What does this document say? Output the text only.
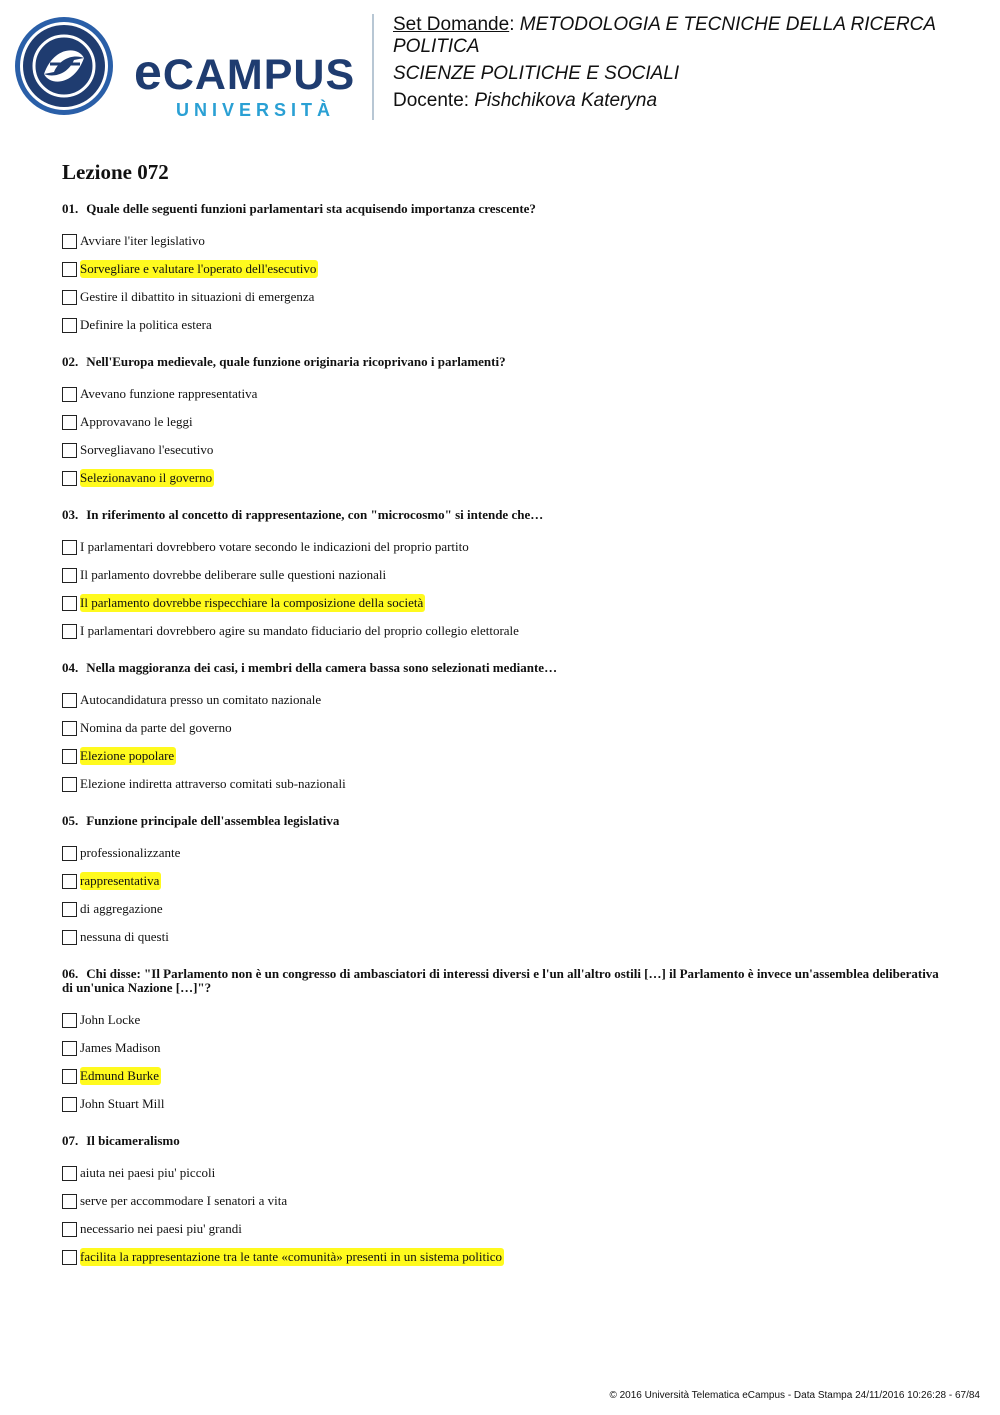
eCAMPUS
UNIVERSITÀ
Set Domande: METODOLOGIA E TECNICHE DELLA RICERCA POLITICA
SCIENZE POLITICHE E SOCIALI
Docente: Pishchikova Kateryna
Lezione 072
01. Quale delle seguenti funzioni parlamentari sta acquisendo importanza crescente?
Avviare l'iter legislativo
Sorvegliare e valutare l'operato dell'esecutivo
Gestire il dibattito in situazioni di emergenza
Definire la politica estera
02. Nell'Europa medievale, quale funzione originaria ricoprivano i parlamenti?
Avevano funzione rappresentativa
Approvavano le leggi
Sorvegliavano l'esecutivo
Selezionavano il governo
03. In riferimento al concetto di rappresentazione, con "microcosmo" si intende che…
I parlamentari dovrebbero votare secondo le indicazioni del proprio partito
Il parlamento dovrebbe deliberare sulle questioni nazionali
Il parlamento dovrebbe rispecchiare la composizione della società
I parlamentari dovrebbero agire su mandato fiduciario del proprio collegio elettorale
04. Nella maggioranza dei casi, i membri della camera bassa sono selezionati mediante…
Autocandidatura presso un comitato nazionale
Nomina da parte del governo
Elezione popolare
Elezione indiretta attraverso comitati sub-nazionali
05. Funzione principale dell'assemblea legislativa
professionalizzante
rappresentativa
di aggregazione
nessuna di questi
06. Chi disse: "Il Parlamento non è un congresso di ambasciatori di interessi diversi e l'un all'altro ostili […] il Parlamento è invece un'assemblea deliberativa di un'unica Nazione […]"?
John Locke
James Madison
Edmund Burke
John Stuart Mill
07. Il bicameralismo
aiuta nei paesi piu' piccoli
serve per accommodare I senatori a vita
necessario nei paesi piu' grandi
facilita la rappresentazione tra le tante «comunità» presenti in un sistema politico
© 2016 Università Telematica eCampus - Data Stampa 24/11/2016 10:26:28 - 67/84
